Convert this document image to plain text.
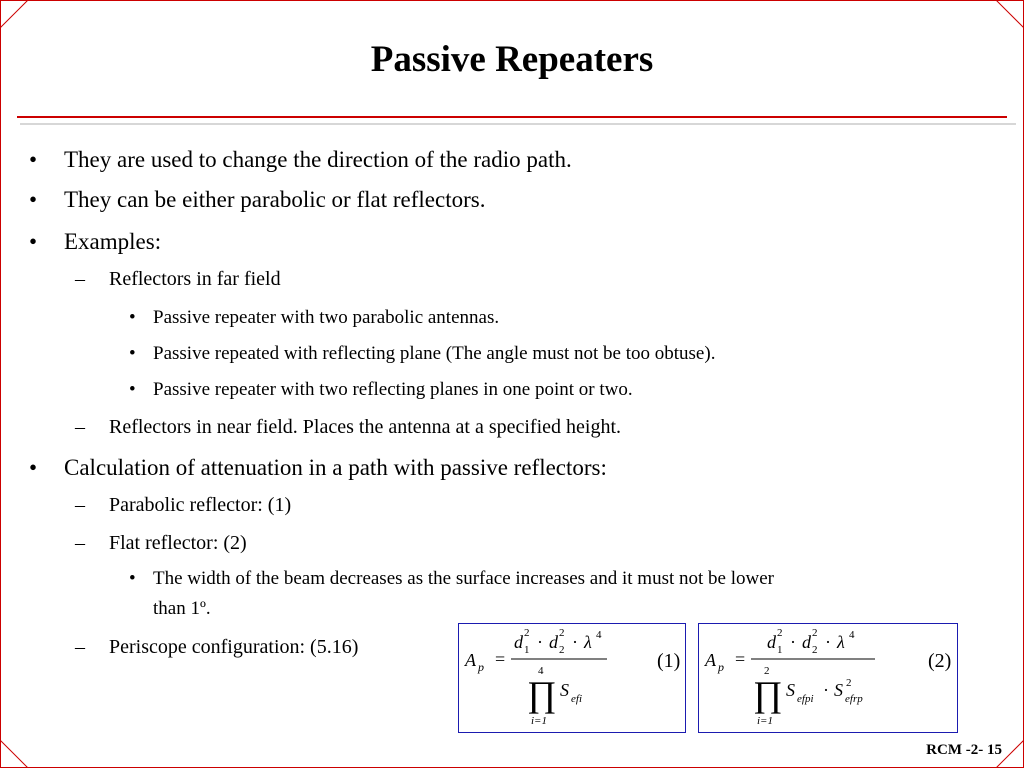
Passive Repeaters
• They are used to change the direction of the radio path.
• They can be either parabolic or flat reflectors.
• Examples:
– Reflectors in far field
• Passive repeater with two parabolic antennas.
• Passive repeated with reflecting plane (The angle must not be too obtuse).
• Passive repeater with two reflecting planes in one point or two.
– Reflectors in near field. Places the antenna at a specified height.
• Calculation of attenuation in a path with passive reflectors:
– Parabolic reflector: (1)
– Flat reflector: (2)
• The width of the beam decreases as the surface increases and it must not be lower
than 1º.
– Periscope configuration: (5.16)
A p =
d 2
1 · d 2
2 · λ 4
4
∏
i=1
S efi
(1) A p =
d 2
1 · d 2
2 · λ 4
2
∏
i=1
S efpi · S 2
efrp
(2)
RCM -2- 15
